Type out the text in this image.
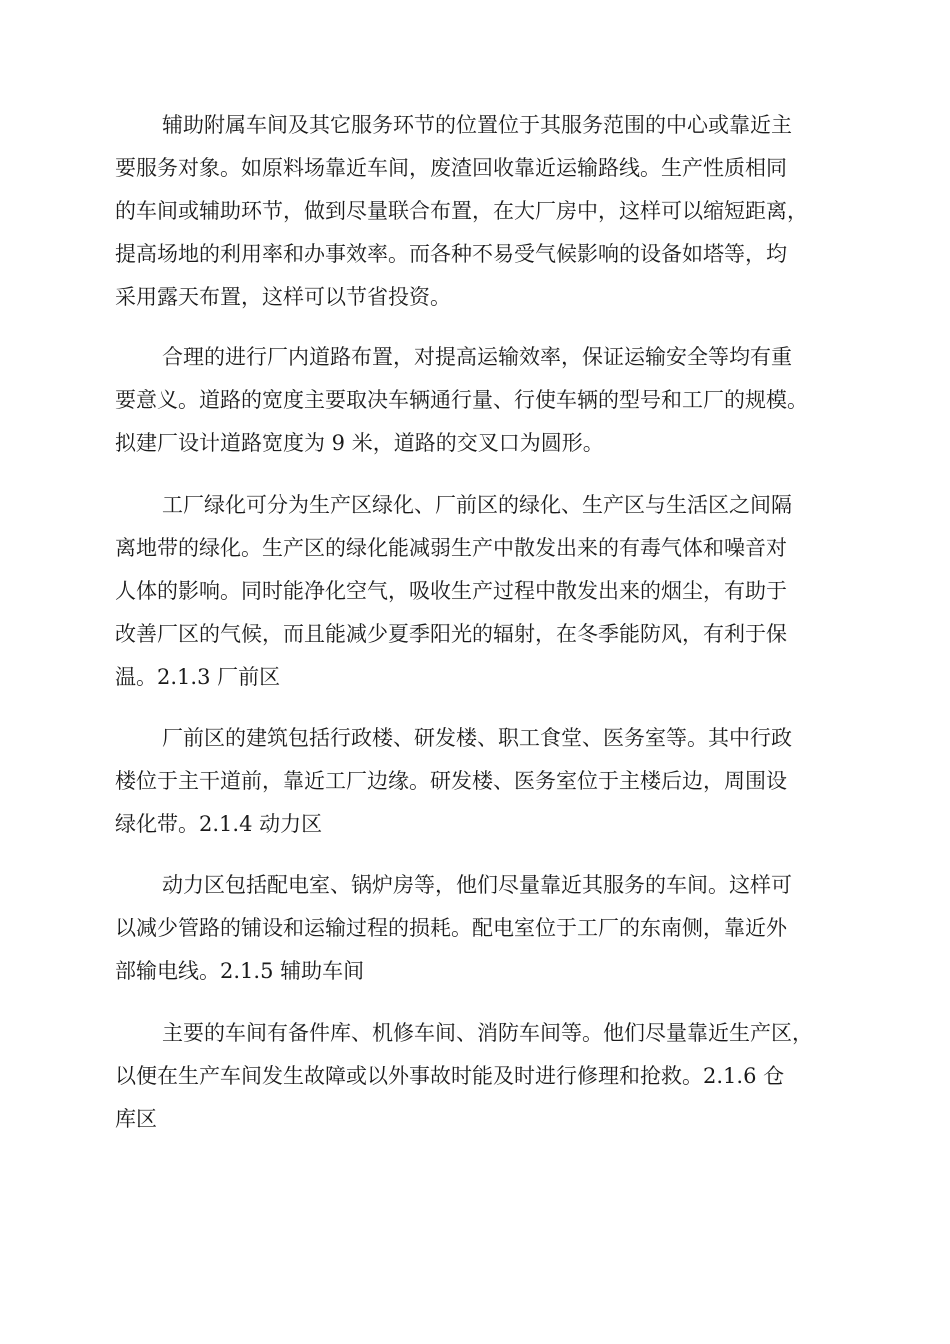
辅助附属车间及其它服务环节的位置位于其服务范围的中心或靠近主
要服务对象。如原料场靠近车间，废渣回收靠近运输路线。生产性质相同
的车间或辅助环节，做到尽量联合布置，在大厂房中，这样可以缩短距离，
提高场地的利用率和办事效率。而各种不易受气候影响的设备如塔等，均
采用露天布置，这样可以节省投资。
合理的进行厂内道路布置，对提高运输效率，保证运输安全等均有重
要意义。道路的宽度主要取决车辆通行量、行使车辆的型号和工厂的规模。
拟建厂设计道路宽度为 9 米，道路的交叉口为圆形。
工厂绿化可分为生产区绿化、厂前区的绿化、生产区与生活区之间隔
离地带的绿化。生产区的绿化能减弱生产中散发出来的有毒气体和噪音对
人体的影响。同时能净化空气，吸收生产过程中散发出来的烟尘，有助于
改善厂区的气候，而且能减少夏季阳光的辐射，在冬季能防风，有利于保
温。2.1.3 厂前区
厂前区的建筑包括行政楼、研发楼、职工食堂、医务室等。其中行政
楼位于主干道前，靠近工厂边缘。研发楼、医务室位于主楼后边，周围设
绿化带。2.1.4 动力区
动力区包括配电室、锅炉房等，他们尽量靠近其服务的车间。这样可
以减少管路的铺设和运输过程的损耗。配电室位于工厂的东南侧，靠近外
部输电线。2.1.5 辅助车间
主要的车间有备件库、机修车间、消防车间等。他们尽量靠近生产区，
以便在生产车间发生故障或以外事故时能及时进行修理和抢救。2.1.6 仓
库区
